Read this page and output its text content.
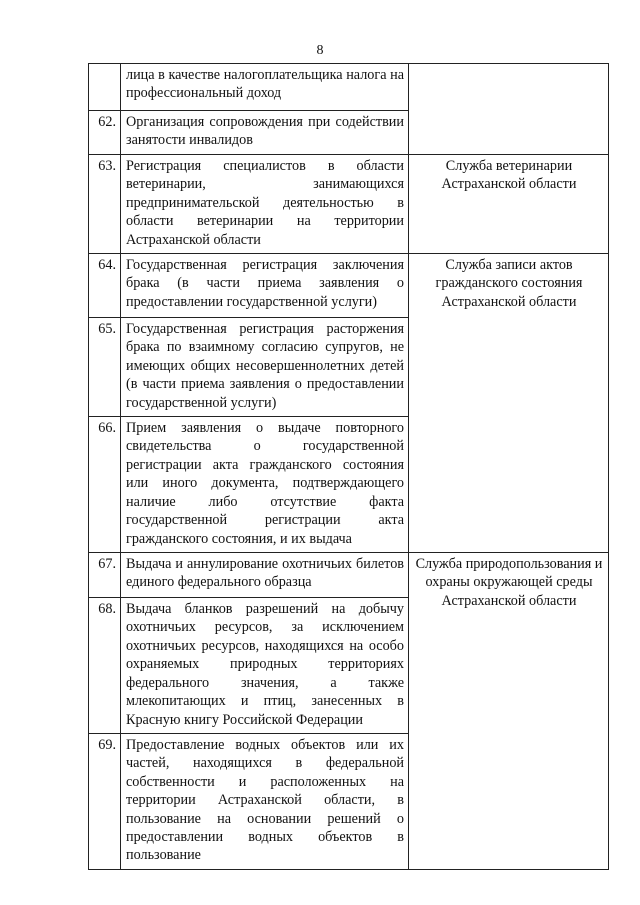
8
	лица в качестве налогоплательщика налога на профессиональный доход	
62.	Организация сопровождения при содействии занятости инвалидов	
63.	Регистрация специалистов в области ветеринарии, занимающихся предпринимательской деятельностью в области ветеринарии на территории Астраханской области	Служба ветеринарии Астраханской области
64.	Государственная регистрация заключения брака (в части приема заявления о предоставлении государственной услуги)	Служба записи актов гражданского состояния Астраханской области
65.	Государственная регистрация расторжения брака по взаимному согласию супругов, не имеющих общих несовершеннолетних детей (в части приема заявления о предоставлении государственной услуги)	
66.	Прием заявления о выдаче повторного свидетельства о государственной регистрации акта гражданского состояния или иного документа, подтверждающего наличие либо отсутствие факта государственной регистрации акта гражданского состояния, и их выдача	
67.	Выдача и аннулирование охотничьих билетов единого федерального образца	Служба природопользования и охраны окружающей среды Астраханской области
68.	Выдача бланков разрешений на добычу охотничьих ресурсов, за исключением охотничьих ресурсов, находящихся на особо охраняемых природных территориях федерального значения, а также млекопитающих и птиц, занесенных в Красную книгу Российской Федерации	
69.	Предоставление водных объектов или их частей, находящихся в федеральной собственности и расположенных на территории Астраханской области, в пользование на основании решений о предоставлении водных объектов в пользование	
